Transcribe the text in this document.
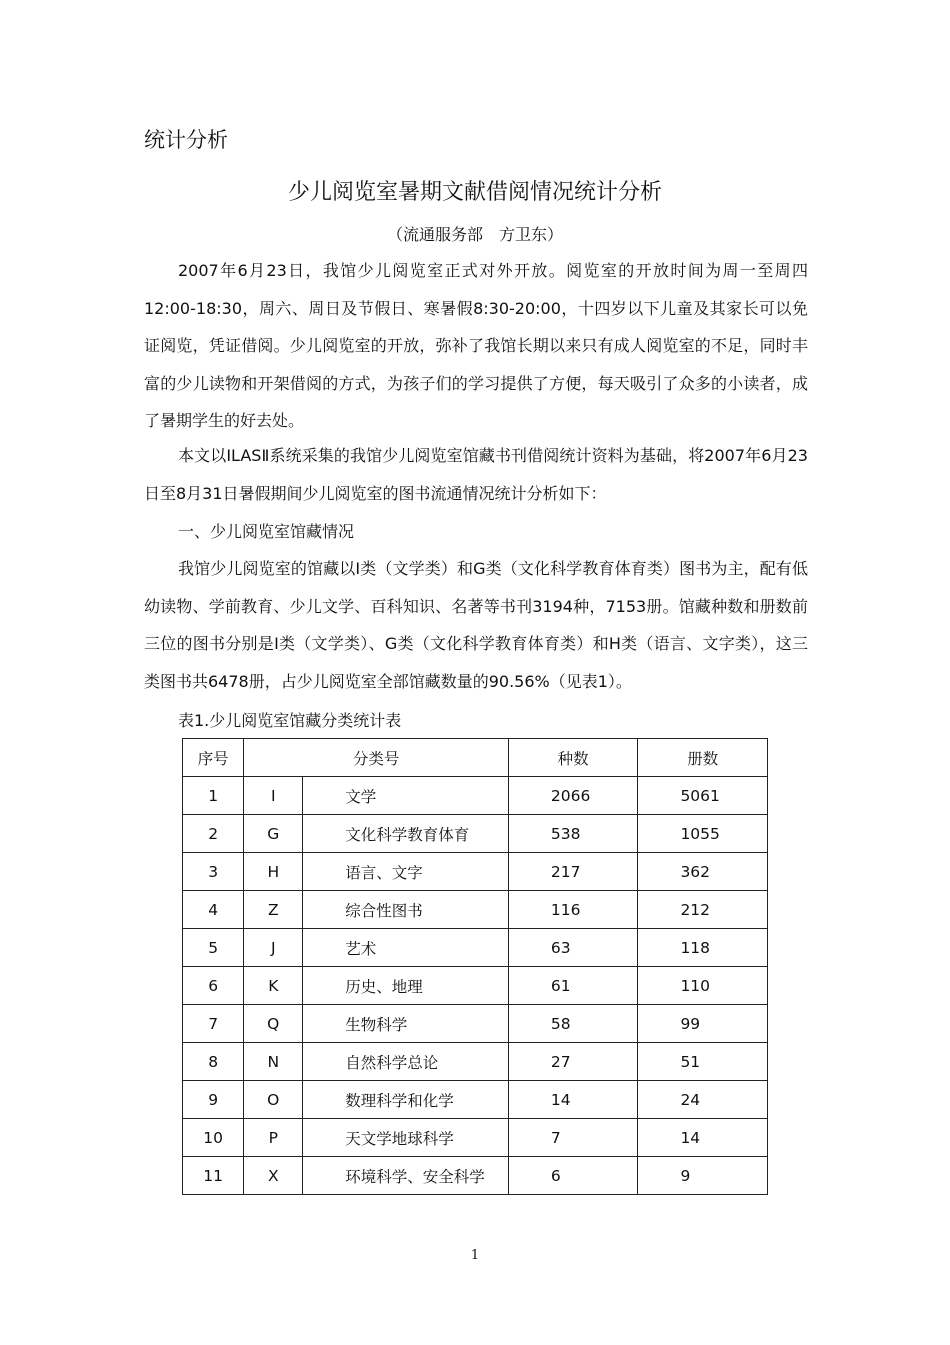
统计分析
少儿阅览室暑期文献借阅情况统计分析
（流通服务部　方卫东）

2007年6月23日，我馆少儿阅览室正式对外开放。阅览室的开放时间为周一至周四12:00-18:30，周六、周日及节假日、寒暑假8:30-20:00，十四岁以下儿童及其家长可以免证阅览，凭证借阅。少儿阅览室的开放，弥补了我馆长期以来只有成人阅览室的不足，同时丰富的少儿读物和开架借阅的方式，为孩子们的学习提供了方便，每天吸引了众多的小读者，成了暑期学生的好去处。

本文以ILASⅡ系统采集的我馆少儿阅览室馆藏书刊借阅统计资料为基础，将2007年6月23日至8月31日暑假期间少儿阅览室的图书流通情况统计分析如下：

一、少儿阅览室馆藏情况

我馆少儿阅览室的馆藏以I类（文学类）和G类（文化科学教育体育类）图书为主，配有低幼读物、学前教育、少儿文学、百科知识、名著等书刊3194种，7153册。馆藏种数和册数前三位的图书分别是I类（文学类）、G类（文化科学教育体育类）和H类（语言、文字类），这三类图书共6478册，占少儿阅览室全部馆藏数量的90.56%（见表1）。

表1.少儿阅览室馆藏分类统计表
序号	分类号		种数	册数
1	I	文学	2066	5061
2	G	文化科学教育体育	538	1055
3	H	语言、文字	217	362
4	Z	综合性图书	116	212
5	J	艺术	63	118
6	K	历史、地理	61	110
7	Q	生物科学	58	99
8	N	自然科学总论	27	51
9	O	数理科学和化学	14	24
10	P	天文学地球科学	7	14
11	X	环境科学、安全科学	6	9
1
